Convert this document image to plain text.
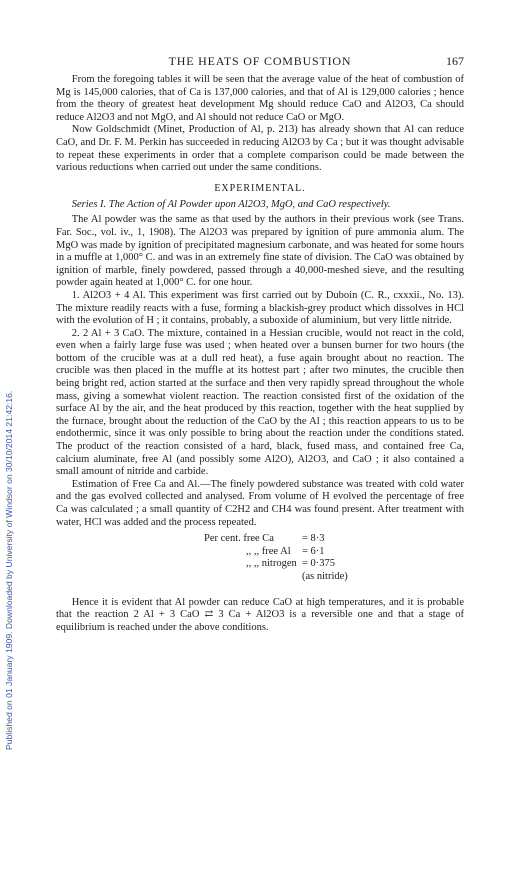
Published on 01 January 1909. Downloaded by University of Windsor on 30/10/2014 21:42:16.
THE HEATS OF COMBUSTION	167

From the foregoing tables it will be seen that the average value of the heat of combustion of Mg is 145,000 calories, that of Ca is 137,000 calories, and that of Al is 129,000 calories ; hence from the theory of greatest heat development Mg should reduce CaO and Al2O3, Ca should reduce Al2O3 and not MgO, and Al should not reduce CaO or MgO.

Now Goldschmidt (Minet, Production of Al, p. 213) has already shown that Al can reduce CaO, and Dr. F. M. Perkin has succeeded in reducing Al2O3 by Ca ; but it was thought advisable to repeat these experiments in order that a complete comparison could be made between the various reductions when carried out under the same conditions.

EXPERIMENTAL.

Series I. The Action of Al Powder upon Al2O3, MgO, and CaO respectively.

The Al powder was the same as that used by the authors in their previous work (see Trans. Far. Soc., vol. iv., 1, 1908). The Al2O3 was prepared by ignition of pure ammonia alum. The MgO was made by ignition of precipitated magnesium carbonate, and was heated for some hours in a muffle at 1,000° C. and was in an extremely fine state of division. The CaO was obtained by ignition of marble, finely powdered, passed through a 40,000-meshed sieve, and the resulting powder again heated at 1,000° C. for one hour.

1. Al2O3 + 4 Al. This experiment was first carried out by Duboin (C. R., cxxxii., No. 13). The mixture readily reacts with a fuse, forming a blackish-grey product which dissolves in HCl with the evolution of H ; it contains, probably, a suboxide of aluminium, but very little nitride.

2. 2 Al + 3 CaO. The mixture, contained in a Hessian crucible, would not react in the cold, even when a fairly large fuse was used ; when heated over a bunsen burner for two hours (the bottom of the crucible was at a dull red heat), a fuse again brought about no reaction. The crucible was then placed in the muffle at its hottest part ; after two minutes, the crucible then being bright red, action started at the surface and then very rapidly spread throughout the whole mass, giving a somewhat violent reaction. The reaction consisted first of the oxidation of the surface Al by the air, and the heat produced by this reaction, together with the heat supplied by the furnace, brought about the reduction of the CaO by the Al ; this reaction appears to us to be endothermic, since it was only possible to bring about the reaction under the conditions stated. The product of the reaction consisted of a hard, black, fused mass, and contained free Ca, calcium aluminate, free Al (and possibly some Al2O), Al2O3, and CaO ; it also contained a small amount of nitride and carbide.

Estimation of Free Ca and Al.—The finely powdered substance was treated with cold water and the gas evolved collected and analysed. From volume of H evolved the percentage of free Ca was calculated ; a small quantity of C2H2 and CH4 was found present. After treatment with water, HCl was added and the process repeated.

Per cent. free Ca	= 8·3
,, ,, free Al	= 6·1
,, ,, nitrogen = 0·375
(as nitride)

Hence it is evident that Al powder can reduce CaO at high temperatures, and it is probable that the reaction 2 Al + 3 CaO ⇄ 3 Ca + Al2O3 is a reversible one and that a stage of equilibrium is reached under the above conditions.
